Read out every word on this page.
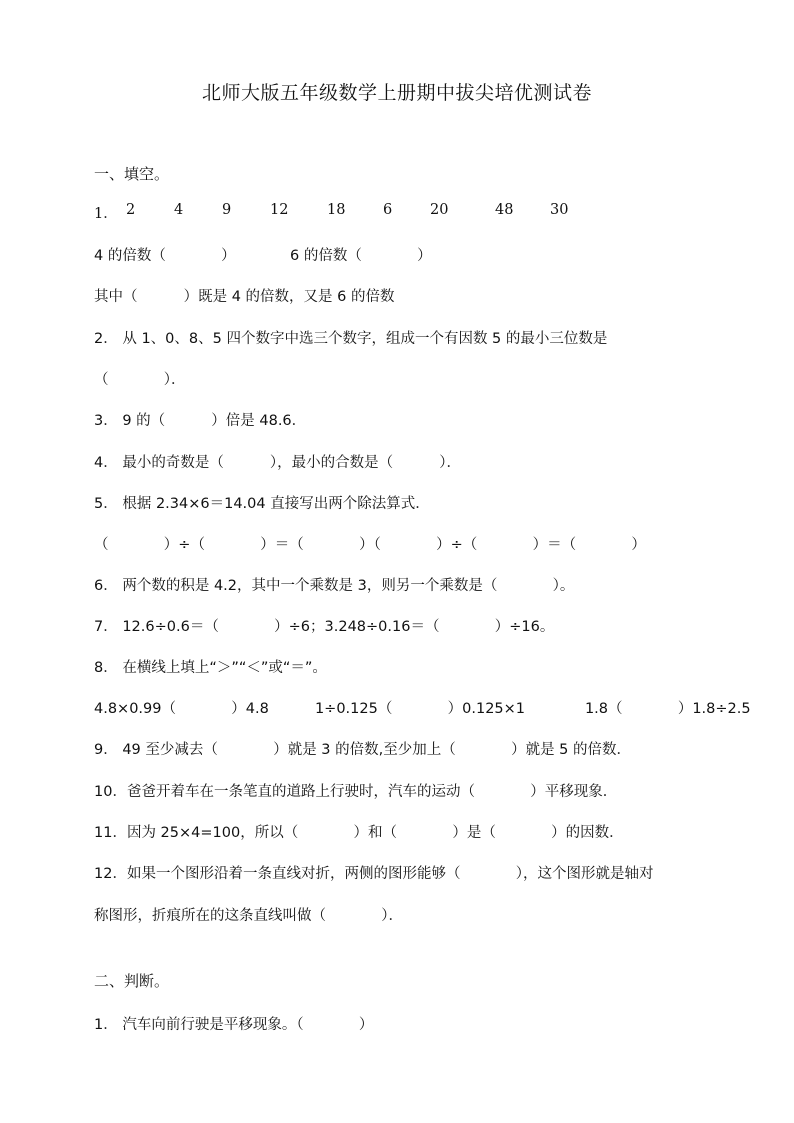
北师大版五年级数学上册期中拔尖培优测试卷
一、填空。
1． 2	4	9	12	18	6	20	48	30
4 的倍数（            ）	6 的倍数（            ）
其中（          ）既是 4 的倍数，又是 6 的倍数
2． 从 1、0、8、5 四个数字中选三个数字，组成一个有因数 5 的最小三位数是
（            ）．
3． 9 的（          ）倍是 48.6．
4． 最小的奇数是（          ），最小的合数是（          ）．
5． 根据 2.34×6＝14.04 直接写出两个除法算式．
（            ）÷（            ）＝（            ）（            ）÷（            ）＝（            ）
6． 两个数的积是 4.2，其中一个乘数是 3，则另一个乘数是（            ）。
7． 12.6÷0.6＝（            ）÷6；3.248÷0.16＝（            ）÷16。
8． 在横线上填上“＞”“＜”或“＝”。
4.8×0.99（            ）4.8          1÷0.125（            ）0.125×1             1.8（            ）1.8÷2.5
9． 49 至少减去（            ）就是 3 的倍数,至少加上（            ）就是 5 的倍数．
10．爸爸开着车在一条笔直的道路上行驶时，汽车的运动（            ）平移现象．
11．因为 25×4=100，所以（            ）和（            ）是（            ）的因数．
12．如果一个图形沿着一条直线对折，两侧的图形能够（            ），这个图形就是轴对
称图形，折痕所在的这条直线叫做（            ）．
二、判断。
1． 汽车向前行驶是平移现象。（            ）
